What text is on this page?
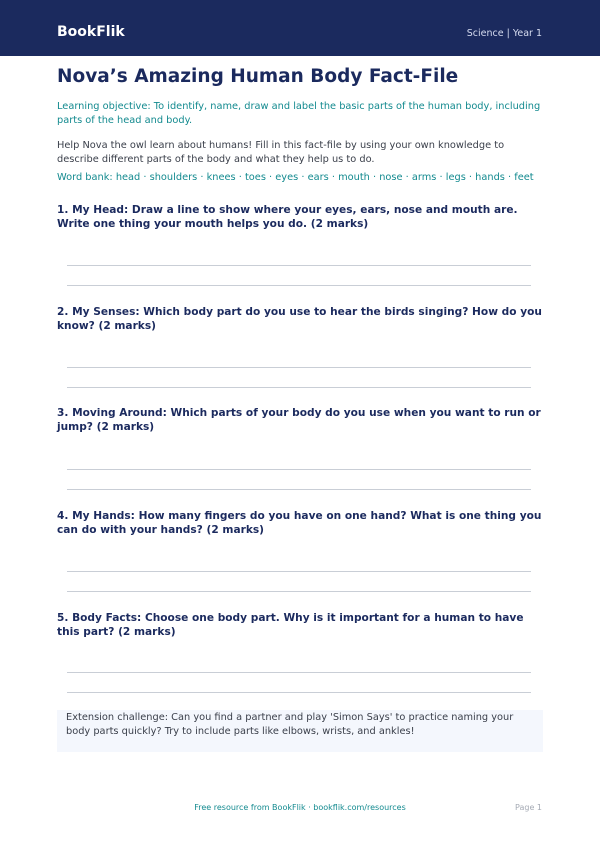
BookFlik	Science | Year 1
Nova’s Amazing Human Body Fact-File

Learning objective: To identify, name, draw and label the basic parts of the human body, including parts of the head and body.

Help Nova the owl learn about humans! Fill in this fact-file by using your own knowledge to describe different parts of the body and what they help us to do.

Word bank: head · shoulders · knees · toes · eyes · ears · mouth · nose · arms · legs · hands · feet

1. My Head: Draw a line to show where your eyes, ears, nose and mouth are. Write one thing your mouth helps you do. (2 marks)

2. My Senses: Which body part do you use to hear the birds singing? How do you know? (2 marks)

3. Moving Around: Which parts of your body do you use when you want to run or jump? (2 marks)

4. My Hands: How many fingers do you have on one hand? What is one thing you can do with your hands? (2 marks)

5. Body Facts: Choose one body part. Why is it important for a human to have this part? (2 marks)

Extension challenge: Can you find a partner and play 'Simon Says' to practice naming your body parts quickly? Try to include parts like elbows, wrists, and ankles!

Free resource from BookFlik · bookflik.com/resources	Page 1
